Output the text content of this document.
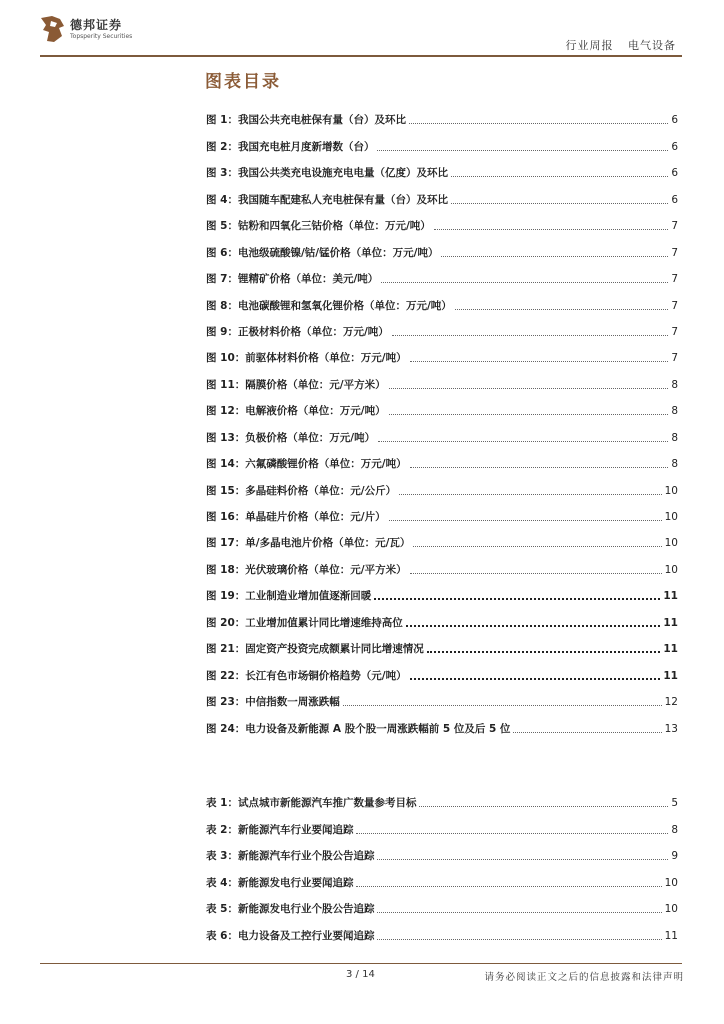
德邦证券
Topsperity Securities
行业周报 电气设备
图表目录
图 1：我国公共充电桩保有量（台）及环比	6
图 2：我国充电桩月度新增数（台）	6
图 3：我国公共类充电设施充电电量（亿度）及环比	6
图 4：我国随车配建私人充电桩保有量（台）及环比	6
图 5：钴粉和四氧化三钴价格（单位：万元/吨）	7
图 6：电池级硫酸镍/钴/锰价格（单位：万元/吨）	7
图 7：锂精矿价格（单位：美元/吨）	7
图 8：电池碳酸锂和氢氧化锂价格（单位：万元/吨）	7
图 9：正极材料价格（单位：万元/吨）	7
图 10：前驱体材料价格（单位：万元/吨）	7
图 11：隔膜价格（单位：元/平方米）	8
图 12：电解液价格（单位：万元/吨）	8
图 13：负极价格（单位：万元/吨）	8
图 14：六氟磷酸锂价格（单位：万元/吨）	8
图 15：多晶硅料价格（单位：元/公斤）	10
图 16：单晶硅片价格（单位：元/片）	10
图 17：单/多晶电池片价格（单位：元/瓦）	10
图 18：光伏玻璃价格（单位：元/平方米）	10
图 19：工业制造业增加值逐渐回暖	11
图 20：工业增加值累计同比增速维持高位	11
图 21：固定资产投资完成额累计同比增速情况	11
图 22：长江有色市场铜价格趋势（元/吨）	11
图 23：中信指数一周涨跌幅	12
图 24：电力设备及新能源 A 股个股一周涨跌幅前 5 位及后 5 位	13
表 1：试点城市新能源汽车推广数量参考目标	5
表 2：新能源汽车行业要闻追踪	8
表 3：新能源汽车行业个股公告追踪	9
表 4：新能源发电行业要闻追踪	10
表 5：新能源发电行业个股公告追踪	10
表 6：电力设备及工控行业要闻追踪	11
3 / 14	请务必阅读正文之后的信息披露和法律声明
